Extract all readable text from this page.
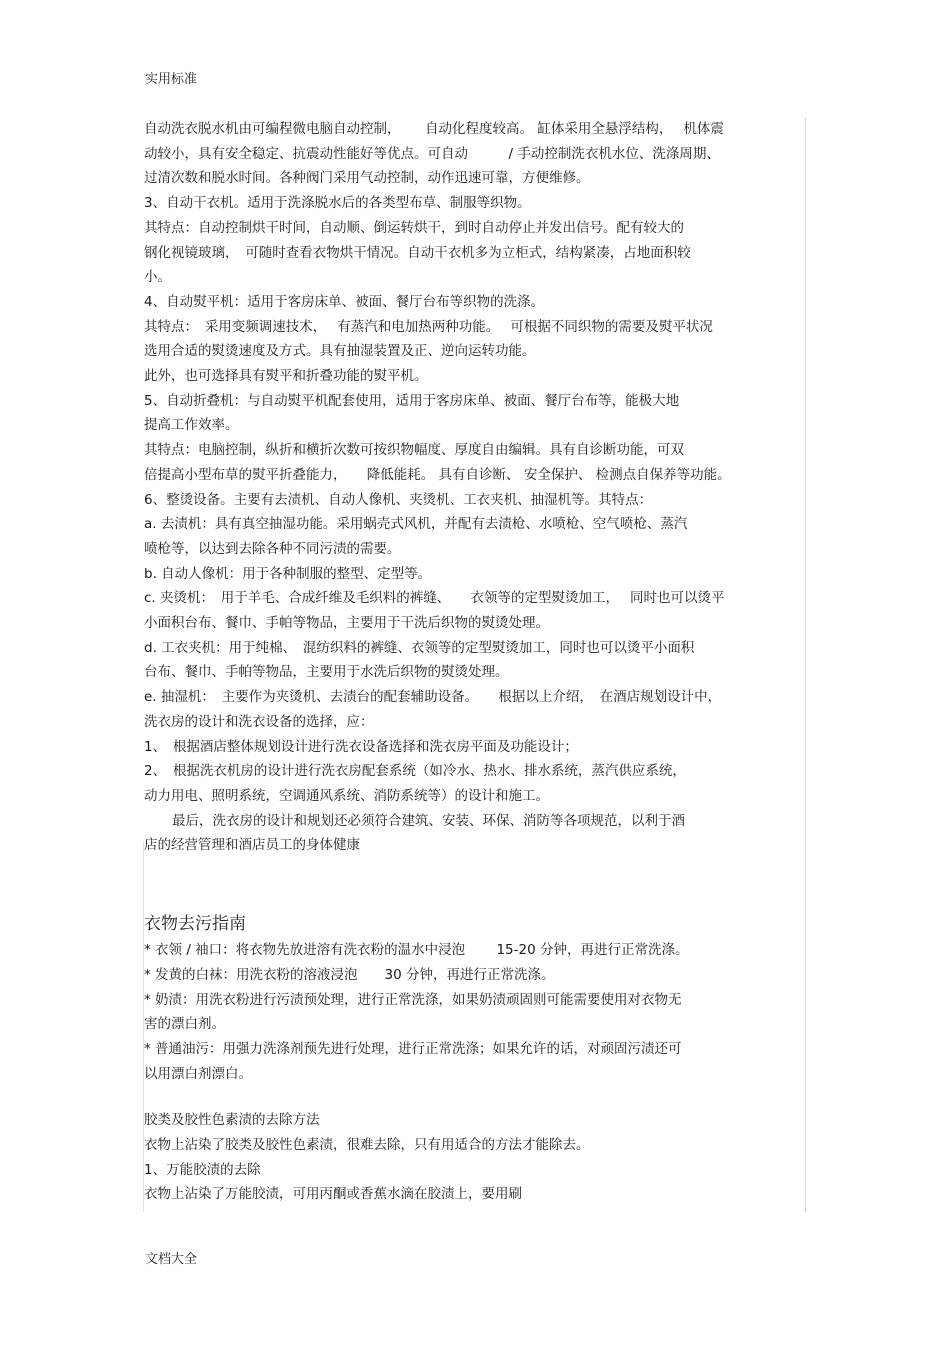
实用标准
自动洗衣脱水机由可编程微电脑自动控制，　　 自动化程度较高。 缸体采用全悬浮结构，　 机体震
动较小，具有安全稳定、抗震动性能好等优点。可自动　　　/ 手动控制洗衣机水位、洗涤周期、
过清次数和脱水时间。各种阀门采用气动控制，动作迅速可靠，方便维修。
3、自动干衣机。适用于洗涤脱水后的各类型布草、制服等织物。
其特点：自动控制烘干时间，自动顺、倒运转烘干，到时自动停止并发出信号。配有较大的
钢化视镜玻璃，　可随时查看衣物烘干情况。自动干衣机多为立柜式，结构紧凑，占地面积较
小。
4、自动熨平机：适用于客房床单、被面、餐厅台布等织物的洗涤。
其特点：　采用变频调速技术，　 有蒸汽和电加热两种功能。　 可根据不同织物的需要及熨平状况
选用合适的熨烫速度及方式。具有抽湿装置及正、逆向运转功能。
此外，也可选择具有熨平和折叠功能的熨平机。
5、自动折叠机：与自动熨平机配套使用，适用于客房床单、被面、餐厅台布等，能极大地
提高工作效率。
其特点：电脑控制，纵折和横折次数可按织物幅度、厚度自由编辑。具有自诊断功能，可双
倍提高小型布草的熨平折叠能力，　　降低能耗。 具有自诊断、 安全保护、 检测点自保养等功能。
6、整烫设备。主要有去渍机、自动人像机、夹烫机、工衣夹机、抽湿机等。其特点：
a. 去渍机：具有真空抽湿功能。采用蜗壳式风机，并配有去渍枪、水喷枪、空气喷枪、蒸汽
喷枪等，以达到去除各种不同污渍的需要。
b. 自动人像机：用于各种制服的整型、定型等。
c. 夹烫机：　用于羊毛、合成纤维及毛织料的裤缝、　　衣领等的定型熨烫加工，　 同时也可以烫平
小面积台布、餐巾、手帕等物品，主要用于干洗后织物的熨烫处理。
d. 工衣夹机：用于纯棉、　混纺织料的裤缝、衣领等的定型熨烫加工，同时也可以烫平小面积
台布、餐巾、手帕等物品，主要用于水洗后织物的熨烫处理。
e. 抽湿机：　主要作为夹烫机、去渍台的配套辅助设备。　　根据以上介绍，　在酒店规划设计中，
洗衣房的设计和洗衣设备的选择，应：
1、　根据酒店整体规划设计进行洗衣设备选择和洗衣房平面及功能设计；
2、　根据洗衣机房的设计进行洗衣房配套系统（如冷水、热水、排水系统，蒸汽供应系统，
动力用电、照明系统，空调通风系统、消防系统等）的设计和施工。
最后，洗衣房的设计和规划还必须符合建筑、安装、环保、消防等各项规范，以利于酒
店的经营管理和酒店员工的身体健康
衣物去污指南
* 衣领 / 袖口：将衣物先放进溶有洗衣粉的温水中浸泡　　 15-20 分钟，再进行正常洗涤。
* 发黄的白袜：用洗衣粉的溶液浸泡　　30 分钟，再进行正常洗涤。
* 奶渍：用洗衣粉进行污渍预处理，进行正常洗涤，如果奶渍顽固则可能需要使用对衣物无
害的漂白剂。
* 普通油污：用强力洗涤剂预先进行处理，进行正常洗涤；如果允许的话，对顽固污渍还可
以用漂白剂漂白。
胶类及胶性色素渍的去除方法
衣物上沾染了胶类及胶性色素渍，很难去除，只有用适合的方法才能除去。
1、万能胶渍的去除
衣物上沾染了万能胶渍，可用丙酮或香蕉水滴在胶渍上，要用刷
文档大全
